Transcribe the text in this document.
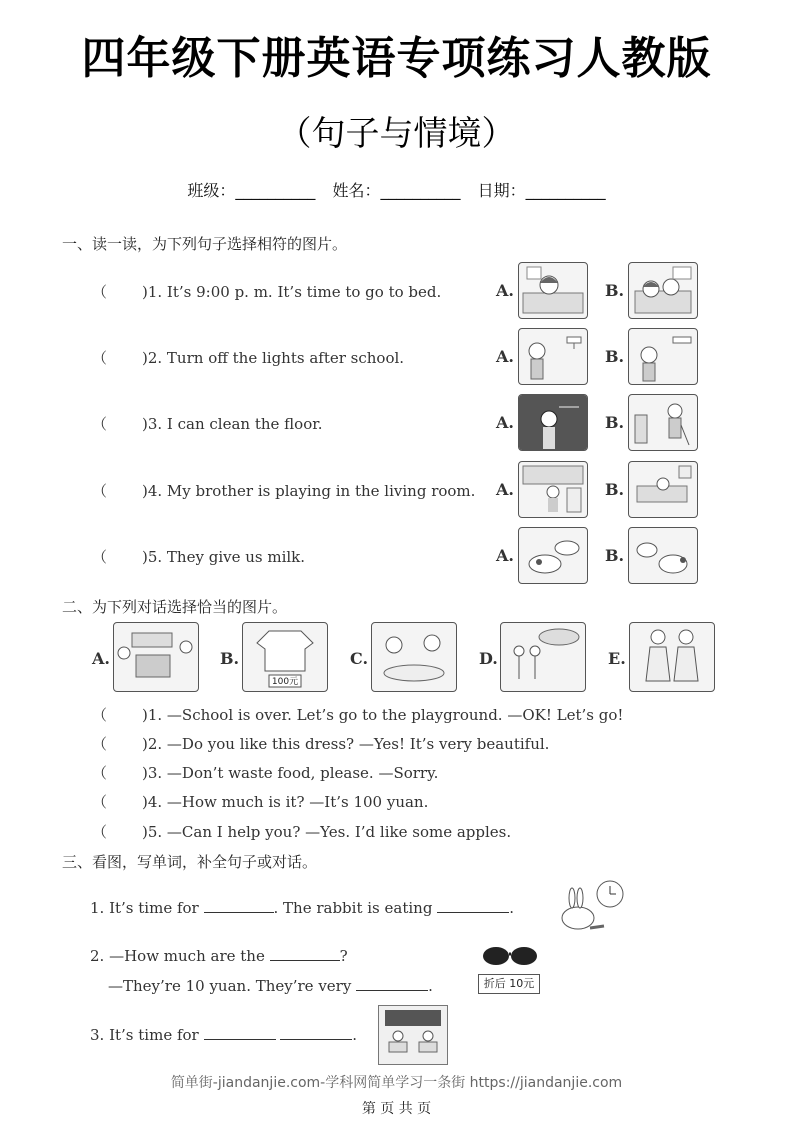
四年级下册英语专项练习人教版
（句子与情境）
班级：__________ 姓名：__________ 日期：__________
一、读一读，为下列句子选择相符的图片。
（ )1. It’s 9:00 p. m. It’s time to go to bed.	A.	B.
（ )2. Turn off the lights after school.	A.	B.
（ )3. I can clean the floor.	A.	B.
（ )4. My brother is playing in the living room. A.	B.
（ )5. They give us milk.	A.	B.
二、为下列对话选择恰当的图片。
A.	B.
100元
C.	D.	E.
（ )1. —School is over. Let’s go to the playground. —OK! Let’s go!
（ )2. —Do you like this dress? —Yes! It’s very beautiful.
（ )3. —Don’t waste food, please. —Sorry.
（ )4. —How much is it? —It’s 100 yuan.
（ )5. —Can I help you? —Yes. I’d like some apples.
三、看图，写单词，补全句子或对话。
1. It’s time for	. The rabbit is eating	.
2. —How much are the	?
—They’re 10 yuan. They’re very	.	折后 10元
3. It’s time for	.
简单街-jiandanjie.com-学科网简单学习一条街 https://jiandanjie.com
第 页 共 页
